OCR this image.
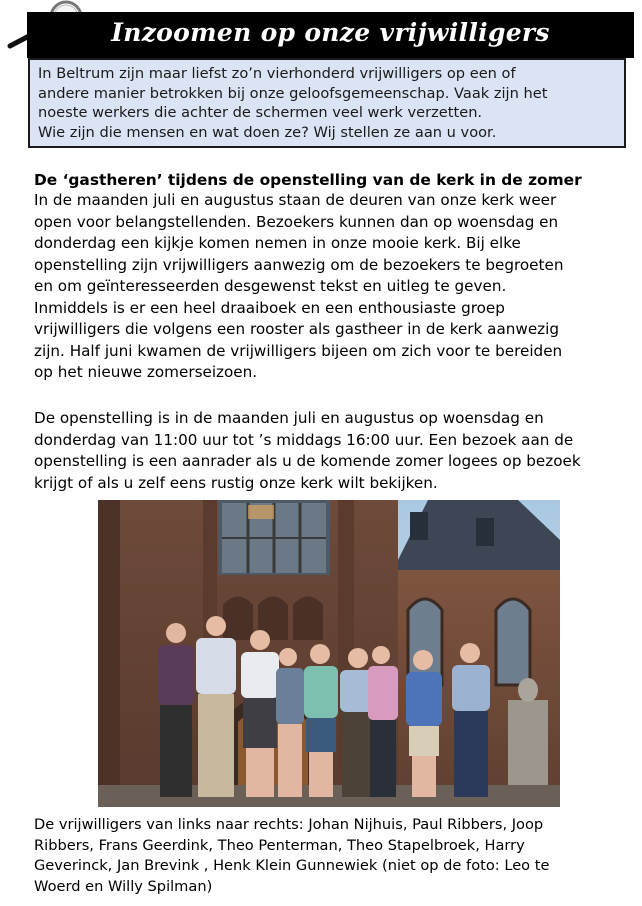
Inzoomen op onze vrijwilligers

In Beltrum zijn maar liefst zo’n vierhonderd vrijwilligers op een of

andere manier betrokken bij onze geloofsgemeenschap. Vaak zijn het

noeste werkers die achter de schermen veel werk verzetten.

Wie zijn die mensen en wat doen ze? Wij stellen ze aan u voor.

De ‘gastheren’ tijdens de openstelling van de kerk in de zomer
In de maanden juli en augustus staan de deuren van onze kerk weer
open voor belangstellenden. Bezoekers kunnen dan op woensdag en
donderdag een kijkje komen nemen in onze mooie kerk. Bij elke
openstelling zijn vrijwilligers aanwezig om de bezoekers te begroeten
en om geïnteresseerden desgewenst tekst en uitleg te geven.
Inmiddels is er een heel draaiboek en een enthousiaste groep
vrijwilligers die volgens een rooster als gastheer in de kerk aanwezig
zijn. Half juni kwamen de vrijwilligers bijeen om zich voor te bereiden
op het nieuwe zomerseizoen.
De openstelling is in de maanden juli en augustus op woensdag en
donderdag van 11:00 uur tot ’s middags 16:00 uur. Een bezoek aan de
openstelling is een aanrader als u de komende zomer logees op bezoek
krijgt of als u zelf eens rustig onze kerk wilt bekijken.
De vrijwilligers van links naar rechts: Johan Nijhuis, Paul Ribbers, Joop
Ribbers, Frans Geerdink, Theo Penterman, Theo Stapelbroek, Harry
Geverinck, Jan Brevink , Henk Klein Gunnewiek (niet op de foto: Leo te
Woerd en Willy Spilman)
